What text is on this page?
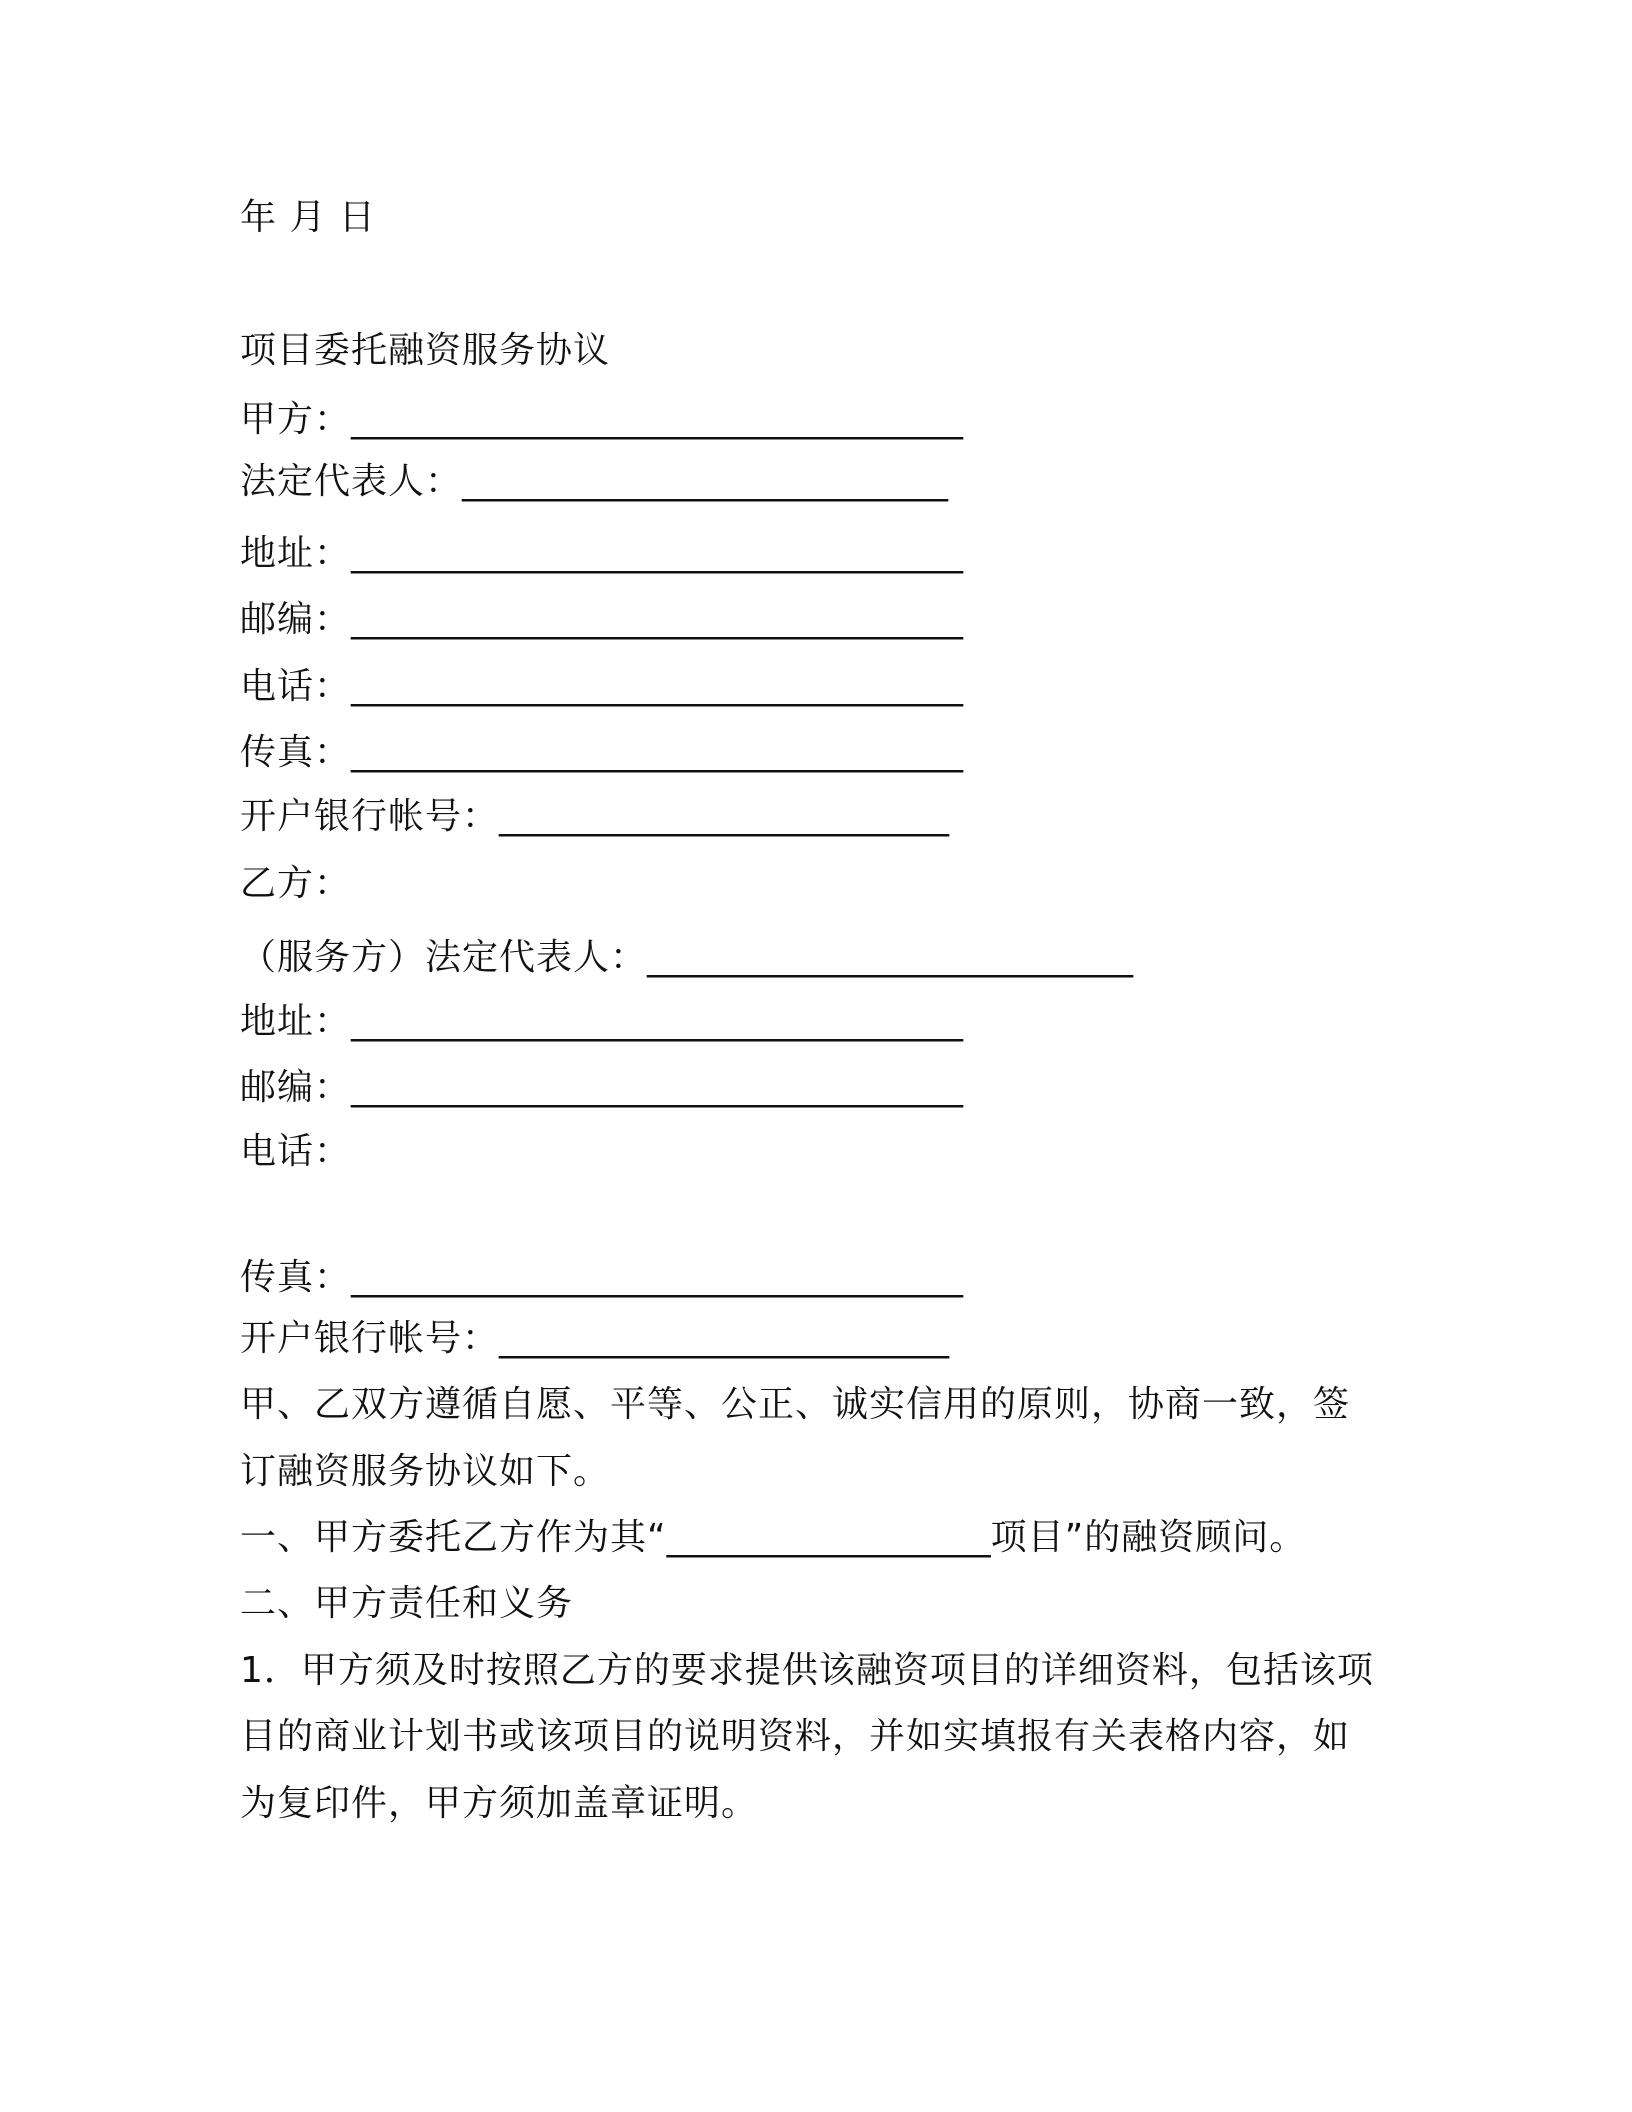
年 月 日
项目委托融资服务协议
甲方：__________________________________
法定代表人：___________________________
地址：__________________________________
邮编：__________________________________
电话：__________________________________
传真：__________________________________
开户银行帐号：_________________________
乙方：
（服务方）法定代表人：___________________________
地址：__________________________________
邮编：__________________________________
电话：
传真：__________________________________
开户银行帐号：_________________________
甲、乙双方遵循自愿、平等、公正、诚实信用的原则，协商一致，签
订融资服务协议如下。
一、甲方委托乙方作为其“__________________项目”的融资顾问。
二、甲方责任和义务
1．甲方须及时按照乙方的要求提供该融资项目的详细资料，包括该项
目的商业计划书或该项目的说明资料，并如实填报有关表格内容，如
为复印件，甲方须加盖章证明。
